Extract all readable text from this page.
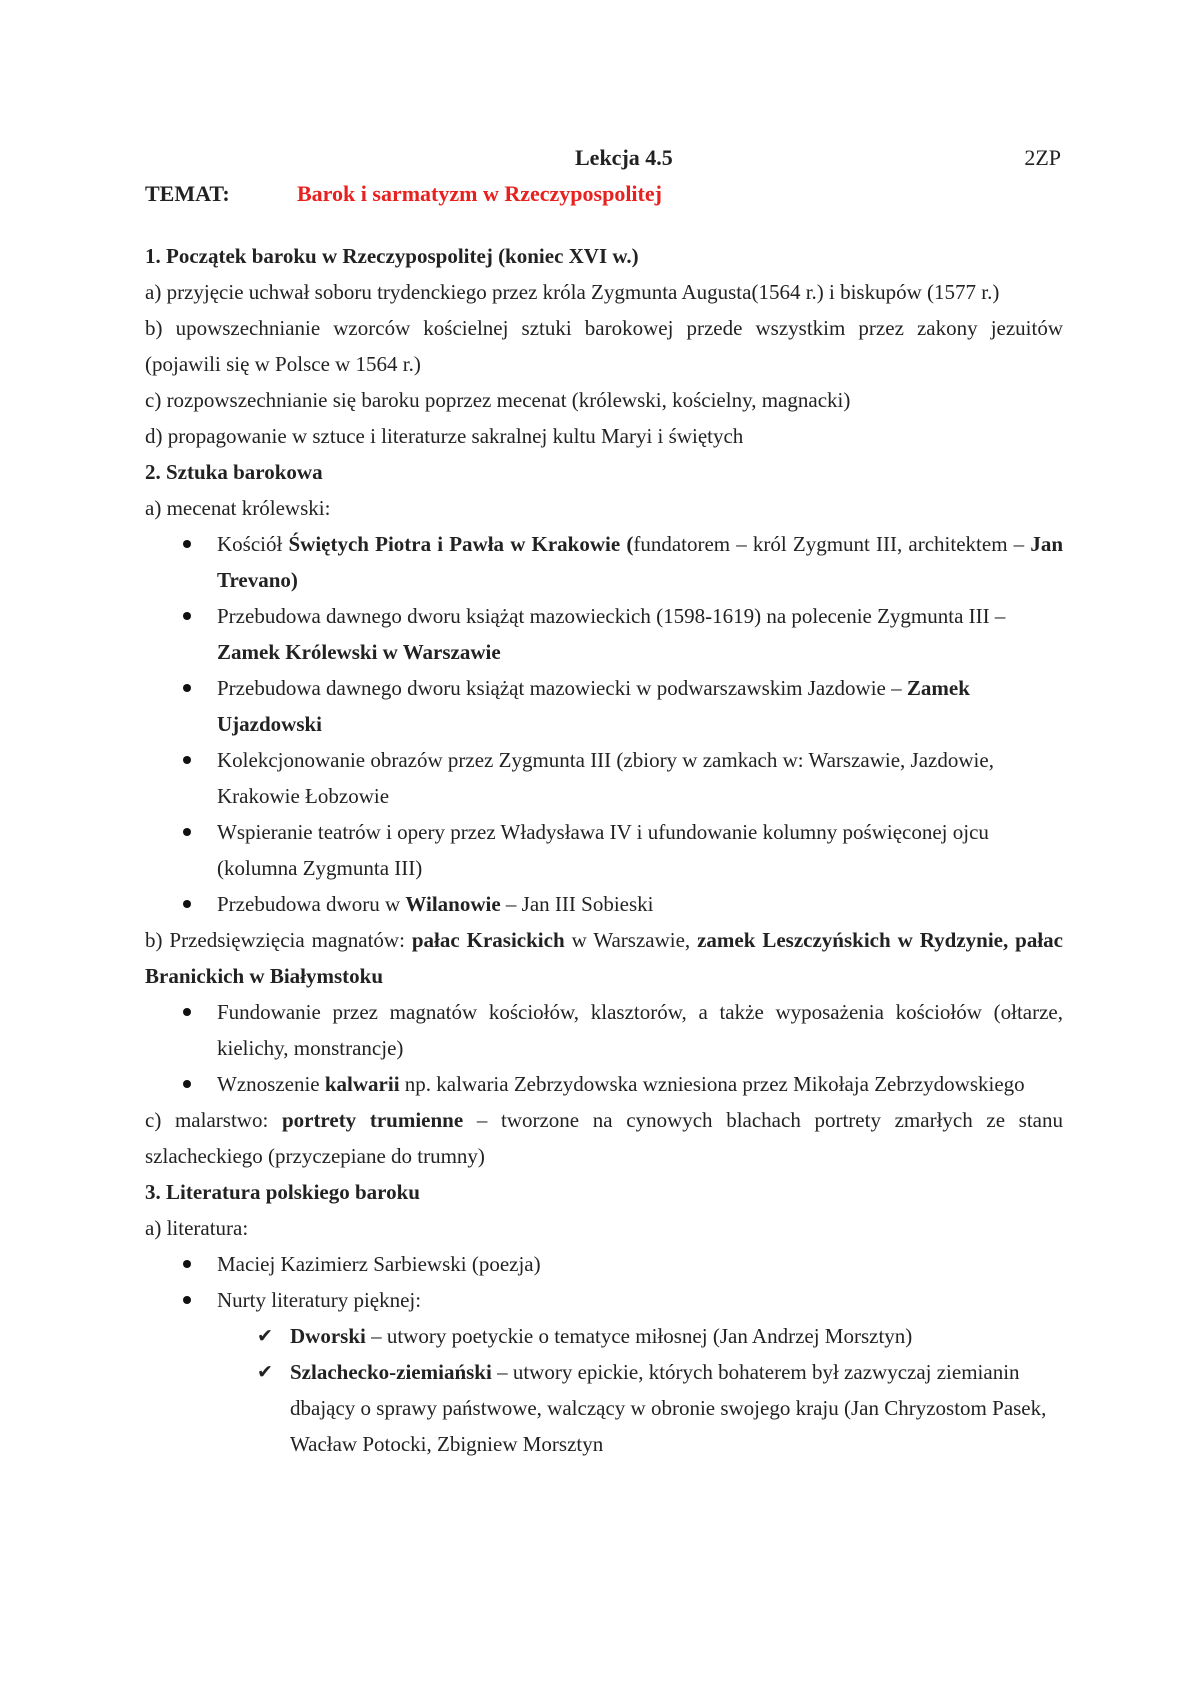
Lekcja 4.5	2ZP
TEMAT:	Barok i sarmatyzm w Rzeczypospolitej

1. Początek baroku w Rzeczypospolitej (koniec XVI w.)

a) przyjęcie uchwał soboru trydenckiego przez króla Zygmunta Augusta(1564 r.) i biskupów (1577 r.)

b) upowszechnianie wzorców kościelnej sztuki barokowej przede wszystkim przez zakony jezuitów (pojawili się w Polsce w 1564 r.)

c) rozpowszechnianie się baroku poprzez mecenat (królewski, kościelny, magnacki)

d) propagowanie w sztuce i literaturze sakralnej kultu Maryi i świętych

2. Sztuka barokowa

a) mecenat królewski:

Kościół Świętych Piotra i Pawła w Krakowie (fundatorem – król Zygmunt III, architektem – Jan Trevano)
Przebudowa dawnego dworu książąt mazowieckich (1598-1619) na polecenie Zygmunta III – Zamek Królewski w Warszawie
Przebudowa dawnego dworu książąt mazowiecki w podwarszawskim Jazdowie – Zamek Ujazdowski
Kolekcjonowanie obrazów przez Zygmunta III (zbiory w zamkach w: Warszawie, Jazdowie, Krakowie Łobzowie
Wspieranie teatrów i opery przez Władysława IV i ufundowanie kolumny poświęconej ojcu (kolumna Zygmunta III)
Przebudowa dworu w Wilanowie – Jan III Sobieski

b) Przedsięwzięcia magnatów: pałac Krasickich w Warszawie, zamek Leszczyńskich w Rydzynie, pałac Branickich w Białymstoku

Fundowanie przez magnatów kościołów, klasztorów, a także wyposażenia kościołów (ołtarze, kielichy, monstrancje)
Wznoszenie kalwarii np. kalwaria Zebrzydowska wzniesiona przez Mikołaja Zebrzydowskiego

c) malarstwo: portrety trumienne – tworzone na cynowych blachach portrety zmarłych ze stanu szlacheckiego (przyczepiane do trumny)

3. Literatura polskiego baroku

a) literatura:

Maciej Kazimierz Sarbiewski (poezja)
Nurty literatury pięknej:
✔ Dworski – utwory poetyckie o tematyce miłosnej (Jan Andrzej Morsztyn)
✔ Szlachecko-ziemiański – utwory epickie, których bohaterem był zazwyczaj ziemianin dbający o sprawy państwowe, walczący w obronie swojego kraju (Jan Chryzostom Pasek, Wacław Potocki, Zbigniew Morsztyn
